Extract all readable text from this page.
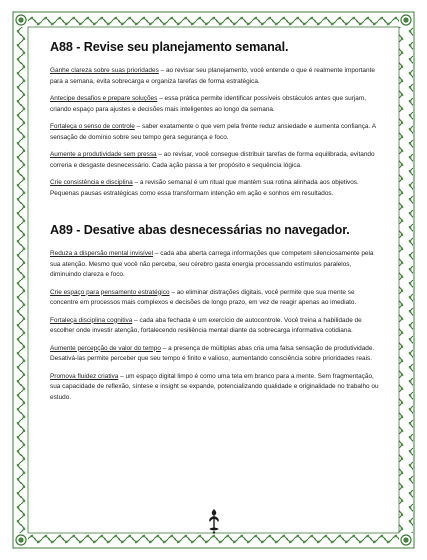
A88 - Revise seu planejamento semanal.

Ganhe clareza sobre suas prioridades – ao revisar seu planejamento, você entende o que é realmente importante para a semana, evita sobrecarga e organiza tarefas de forma estratégica.

Antecipe desafios e prepare soluções – essa prática permite identificar possíveis obstáculos antes que surjam, criando espaço para ajustes e decisões mais inteligentes ao longo da semana.

Fortaleça o senso de controle – saber exatamente o que vem pela frente reduz ansiedade e aumenta confiança. A sensação de domínio sobre seu tempo gera segurança e foco.

Aumente a produtividade sem pressa – ao revisar, você consegue distribuir tarefas de forma equilibrada, evitando correria e desgaste desnecessário. Cada ação passa a ter propósito e sequência lógica.

Crie consistência e disciplina – a revisão semanal é um ritual que mantém sua rotina alinhada aos objetivos. Pequenas pausas estratégicas como essa transformam intenção em ação e sonhos em resultados.

A89 - Desative abas desnecessárias no navegador.

Reduza a dispersão mental invisível – cada aba aberta carrega informações que competem silenciosamente pela sua atenção. Mesmo que você não perceba, seu cérebro gasta energia processando estímulos paralelos, diminuindo clareza e foco.

Crie espaço para pensamento estratégico – ao eliminar distrações digitais, você permite que sua mente se concentre em processos mais complexos e decisões de longo prazo, em vez de reagir apenas ao imediato.

Fortaleça disciplina cognitiva – cada aba fechada é um exercício de autocontrole. Você treina a habilidade de escolher onde investir atenção, fortalecendo resiliência mental diante da sobrecarga informativa cotidiana.

Aumente percepção de valor do tempo – a presença de múltiplas abas cria uma falsa sensação de produtividade. Desativá-las permite perceber que seu tempo é finito e valioso, aumentando consciência sobre prioridades reais.

Promova fluidez criativa – um espaço digital limpo é como uma tela em branco para a mente. Sem fragmentação, sua capacidade de reflexão, síntese e insight se expande, potencializando qualidade e originalidade no trabalho ou estudo.
